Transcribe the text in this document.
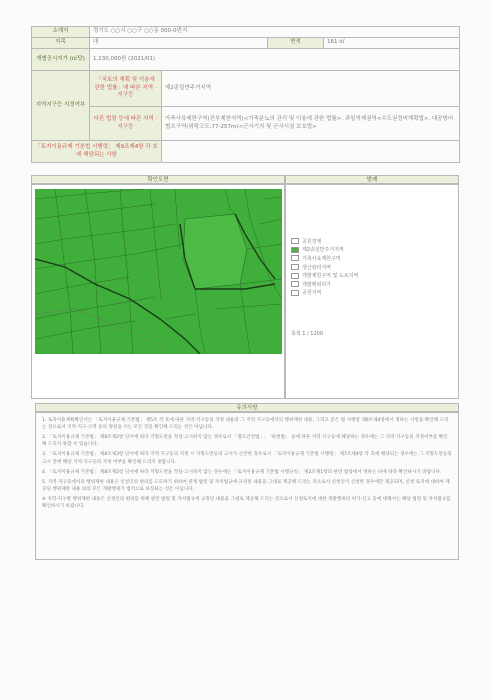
소재지	경기도 ○○시 ○○구 ○○동 000-0번지			
지목	대		면적	161 ㎡
개별공시지가 (㎡당)	1,130,000원 (2021/01)			
지역지구등 지정여부	「국토의 계획 및 이용에 관한 법률」에 따른 지역 · 지구등	제2종일반주거지역		
	다른 법령 등에 따른 지역 · 지구등	가축사육제한구역(전부제한지역)<가축분뇨의 관리 및 이용에 관한 법률>, 과밀억제권역<수도권정비계획법>, 대공방어협조구역(위탁고도:77-257m)<군사기지 및 군사시설 보호법>		
「토지이용규제 기본법 시행령」 제9조제4항 각 호에 해당되는 사항				
확인도면	범례
공원경계
제2종일반주거지역
가축사육제한구역
생산관리지역
개발제한구역 및 도로지역
개발행위허가
공원지역
축척 1 / 1200
유의사항

1. 토지이용계획확인서는 「토지이용규제 기본법」 제5조 각 호에 따른 지역·지구등의 지정 내용과 그 지역·지구등에서의 행위제한 내용, 그리고 같은 법 시행령 제9조제4항에서 정하는 사항을 확인해 드리는 것으로서 지역·지구·구역 등의 명칭을 쓰는 모든 것을 확인해 드리는 것은 아닙니다.

2. 「토지이용규제 기본법」 제8조제2항 단서에 따라 지형도면을 작성·고시하지 않는 경우로서 「철도안전법」, 「하천법」 등에 따른 지역·지구등에 해당하는 경우에는 그 지역·지구등의 지정여부를 확인해 드리지 못할 수 있습니다.

3. 「토지이용규제 기본법」 제8조제3항 단서에 따라 지역·지구등의 지정 시 지형도면등의 고시가 곤란한 경우로서 「토지이용규제 기본법 시행령」 제7조제4항 각 호에 해당되는 경우에는 그 지형도면등의 고시 전에 해당 지역·지구등의 지정 여부를 확인해 드리지 못합니다.

4. 「토지이용규제 기본법」 제8조제2항 단서에 따라 지형도면을 작성·고시하지 않는 경우에는 「토지이용규제 기본법 시행규칙」 제2조제1항의 관련 법령에서 정하는 바에 따라 확인하시기 바랍니다.

5. 지역·지구등에서의 행위제한 내용은 신청인의 편의를 도모하기 위하여 관계 법령 및 자치법규에 규정된 내용을 그대로 제공해 드리는 것으로서 신청인이 신청한 경우에만 제공되며, 신청 토지에 대하여 제공된 행위제한 내용 외의 모든 개발행위가 법적으로 보장되는 것은 아닙니다.

※ 지역·지구별 행위제한 내용은 신청인의 편의를 위해 관련 법령 및 자치법규에 규정된 내용을 그대로 제공해 드리는 것으로서 신청토지에 대한 개발행위의 허가·신고 등에 대해서는 해당 법령 및 자치법규를 확인하시기 바랍니다.
